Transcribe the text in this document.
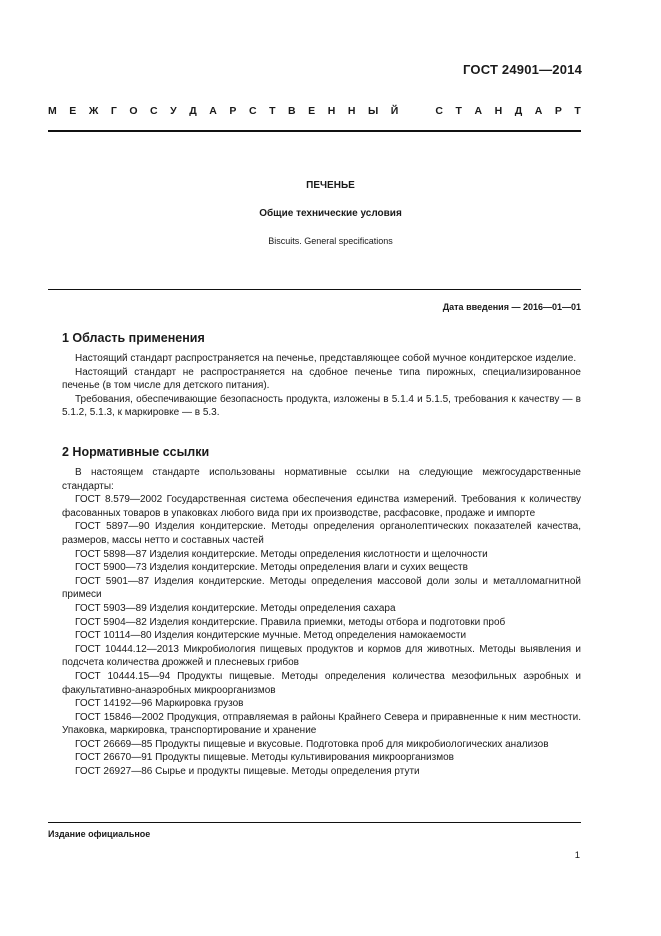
ГОСТ 24901—2014
М Е Ж Г О С У Д А Р С Т В Е Н Н Ы Й	С Т А Н Д А Р Т
ПЕЧЕНЬЕ
Общие технические условия
Biscuits. General specifications
Дата введения — 2016—01—01
1 Область применения

Настоящий стандарт распространяется на печенье, представляющее собой мучное кондитерское изделие.

Настоящий стандарт не распространяется на сдобное печенье типа пирожных, специализированное печенье (в том числе для детского питания).

Требования, обеспечивающие безопасность продукта, изложены в 5.1.4 и 5.1.5, требования к качеству — в 5.1.2, 5.1.3, к маркировке — в 5.3.

2 Нормативные ссылки

В настоящем стандарте использованы нормативные ссылки на следующие межгосударственные стандарты:

ГОСТ 8.579—2002 Государственная система обеспечения единства измерений. Требования к количеству фасованных товаров в упаковках любого вида при их производстве, расфасовке, продаже и импорте

ГОСТ 5897—90 Изделия кондитерские. Методы определения органолептических показателей качества, размеров, массы нетто и составных частей

ГОСТ 5898—87 Изделия кондитерские. Методы определения кислотности и щелочности

ГОСТ 5900—73 Изделия кондитерские. Методы определения влаги и сухих веществ

ГОСТ 5901—87 Изделия кондитерские. Методы определения массовой доли золы и металломагнитной примеси

ГОСТ 5903—89 Изделия кондитерские. Методы определения сахара

ГОСТ 5904—82 Изделия кондитерские. Правила приемки, методы отбора и подготовки проб

ГОСТ 10114—80 Изделия кондитерские мучные. Метод определения намокаемости

ГОСТ 10444.12—2013 Микробиология пищевых продуктов и кормов для животных. Методы выявления и подсчета количества дрожжей и плесневых грибов

ГОСТ 10444.15—94 Продукты пищевые. Методы определения количества мезофильных аэробных и факультативно-анаэробных микроорганизмов

ГОСТ 14192—96 Маркировка грузов

ГОСТ 15846—2002 Продукция, отправляемая в районы Крайнего Севера и приравненные к ним местности. Упаковка, маркировка, транспортирование и хранение

ГОСТ 26669—85 Продукты пищевые и вкусовые. Подготовка проб для микробиологических анализов

ГОСТ 26670—91 Продукты пищевые. Методы культивирования микроорганизмов

ГОСТ 26927—86 Сырье и продукты пищевые. Методы определения ртути

Издание официальное
1
